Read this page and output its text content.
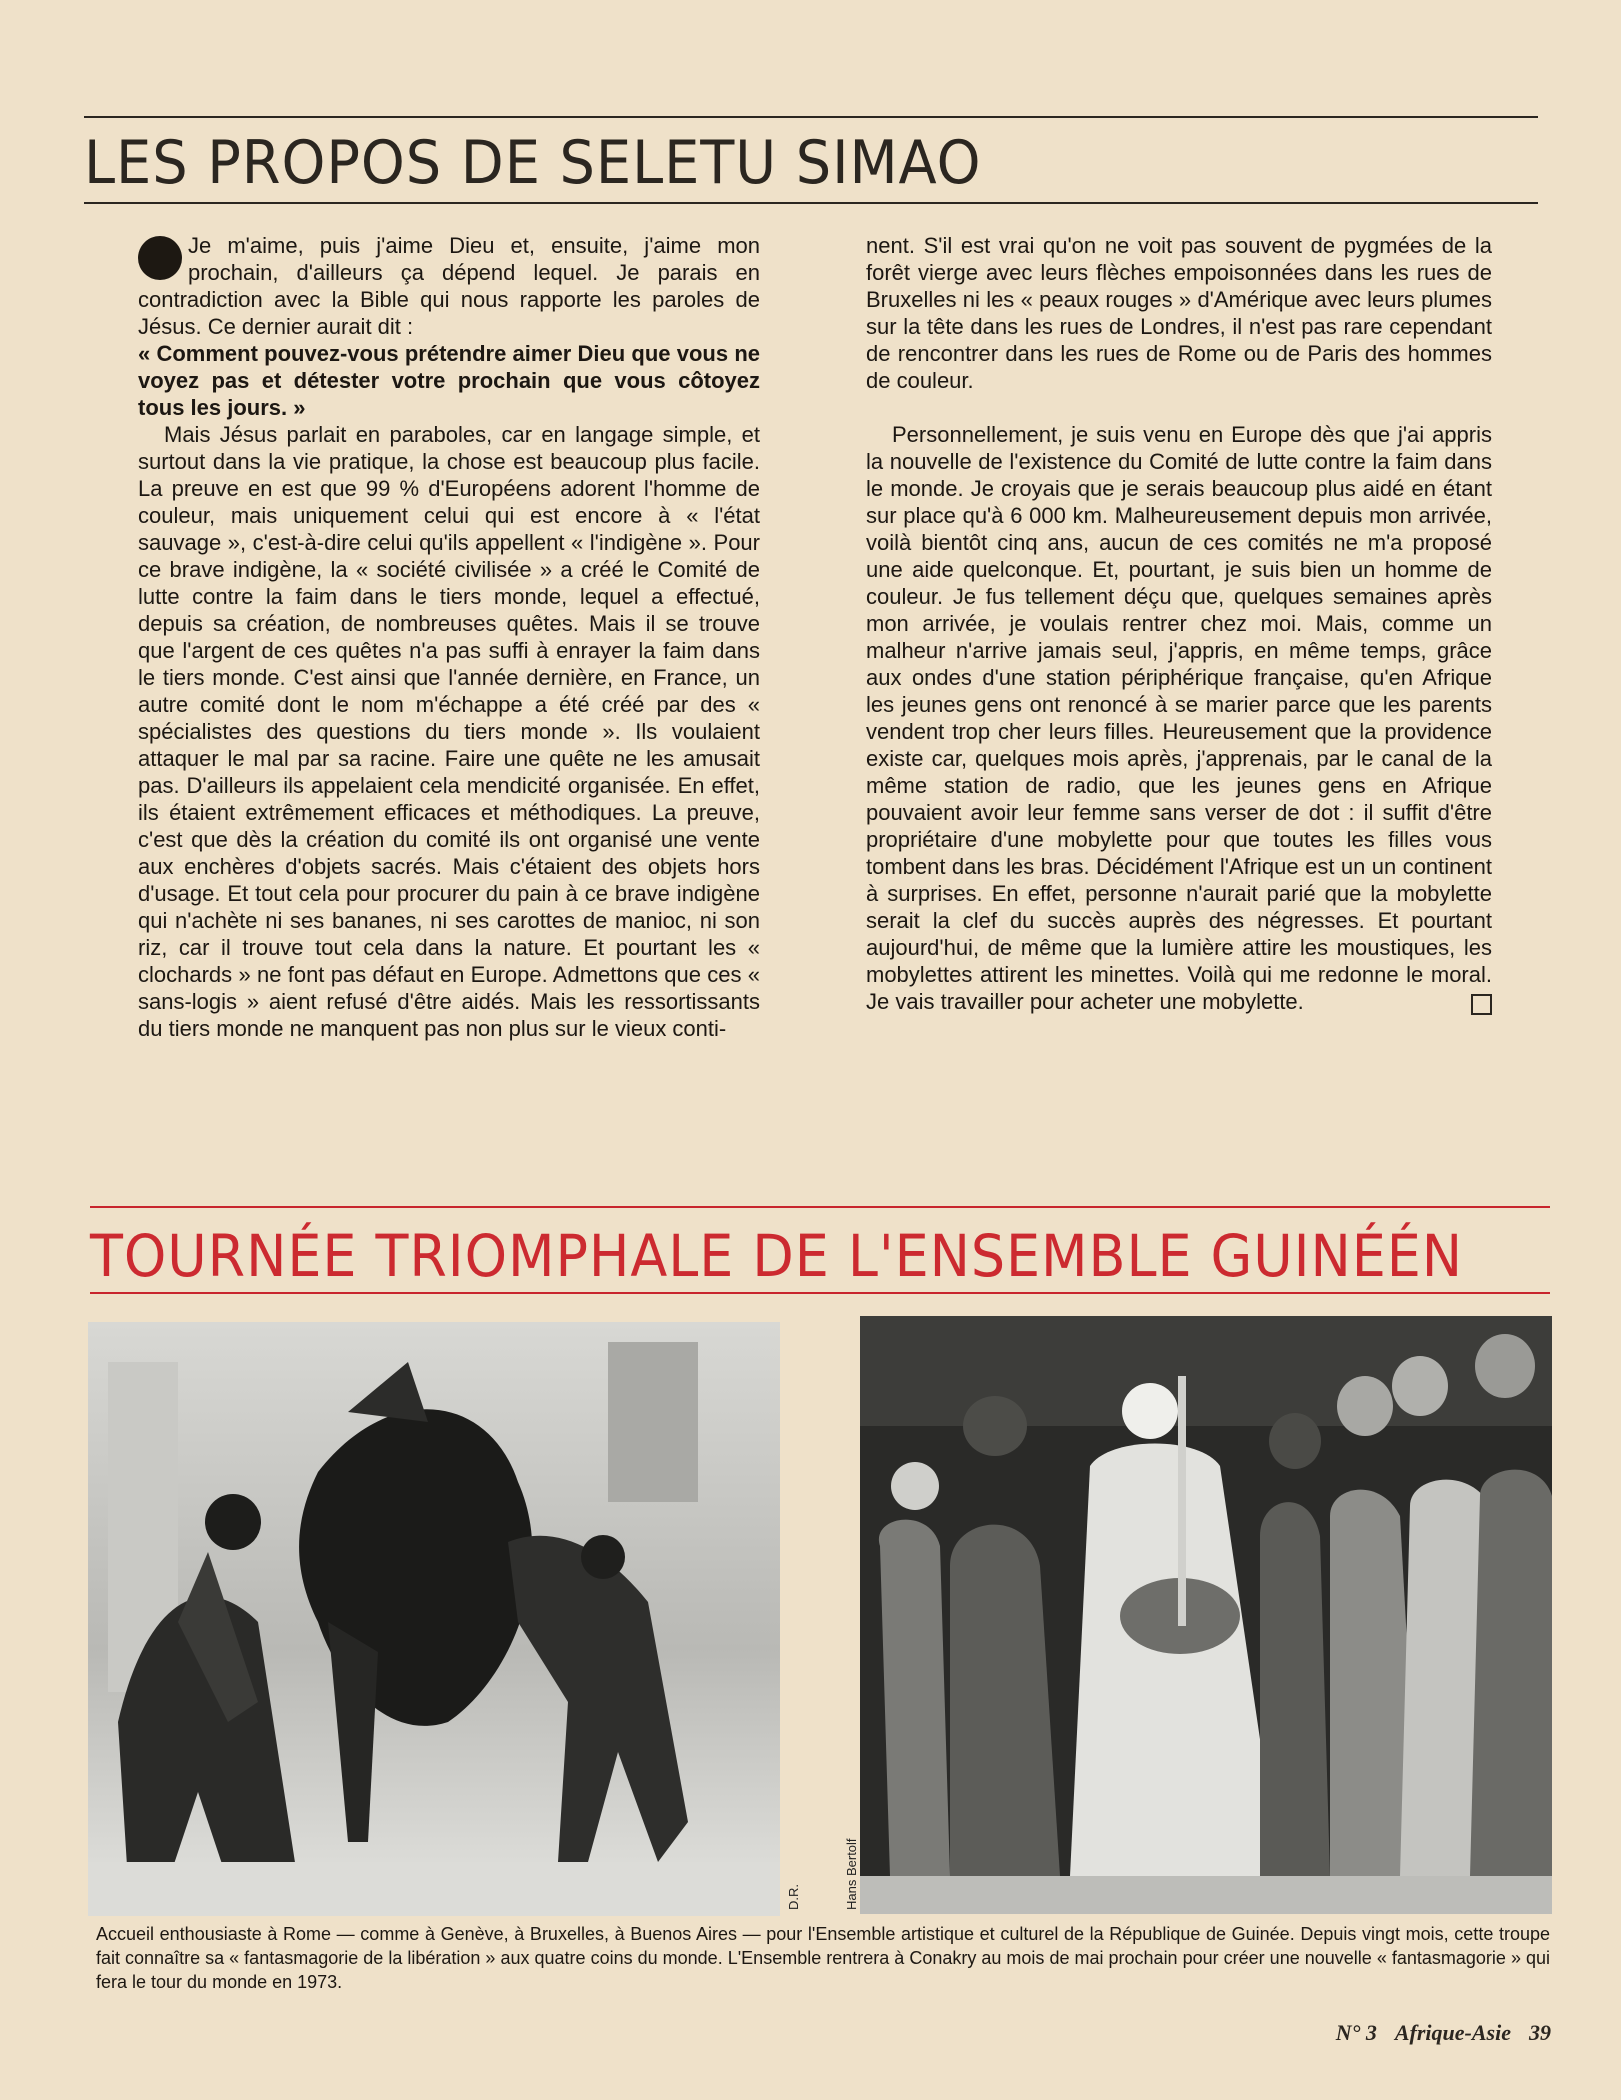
LES PROPOS DE SELETU SIMAO

Je m'aime, puis j'aime Dieu et, ensuite, j'aime mon prochain, d'ailleurs ça dépend lequel. Je parais en contradiction avec la Bible qui nous rapporte les paroles de Jésus. Ce dernier aurait dit :

« Comment pouvez-vous prétendre aimer Dieu que vous ne voyez pas et détester votre prochain que vous côtoyez tous les jours. »

Mais Jésus parlait en paraboles, car en langage simple, et surtout dans la vie pratique, la chose est beaucoup plus facile. La preuve en est que 99 % d'Européens adorent l'homme de couleur, mais uniquement celui qui est encore à « l'état sauvage », c'est-à-dire celui qu'ils appellent « l'indigène ». Pour ce brave indigène, la « société civilisée » a créé le Comité de lutte contre la faim dans le tiers monde, lequel a effectué, depuis sa création, de nombreuses quêtes. Mais il se trouve que l'argent de ces quêtes n'a pas suffi à enrayer la faim dans le tiers monde. C'est ainsi que l'année dernière, en France, un autre comité dont le nom m'échappe a été créé par des « spécialistes des questions du tiers monde ». Ils voulaient attaquer le mal par sa racine. Faire une quête ne les amusait pas. D'ailleurs ils appelaient cela mendicité organisée. En effet, ils étaient extrêmement efficaces et méthodiques. La preuve, c'est que dès la création du comité ils ont organisé une vente aux enchères d'objets sacrés. Mais c'étaient des objets hors d'usage. Et tout cela pour procurer du pain à ce brave indigène qui n'achète ni ses bananes, ni ses carottes de manioc, ni son riz, car il trouve tout cela dans la nature. Et pourtant les « clochards » ne font pas défaut en Europe. Admettons que ces « sans-logis » aient refusé d'être aidés. Mais les ressortissants du tiers monde ne manquent pas non plus sur le vieux conti-

nent. S'il est vrai qu'on ne voit pas souvent de pygmées de la forêt vierge avec leurs flèches empoisonnées dans les rues de Bruxelles ni les « peaux rouges » d'Amérique avec leurs plumes sur la tête dans les rues de Londres, il n'est pas rare cependant de rencontrer dans les rues de Rome ou de Paris des hommes de couleur.

Personnellement, je suis venu en Europe dès que j'ai appris la nouvelle de l'existence du Comité de lutte contre la faim dans le monde. Je croyais que je serais beaucoup plus aidé en étant sur place qu'à 6 000 km. Malheureusement depuis mon arrivée, voilà bientôt cinq ans, aucun de ces comités ne m'a proposé une aide quelconque. Et, pourtant, je suis bien un homme de couleur. Je fus tellement déçu que, quelques semaines après mon arrivée, je voulais rentrer chez moi. Mais, comme un malheur n'arrive jamais seul, j'appris, en même temps, grâce aux ondes d'une station périphérique française, qu'en Afrique les jeunes gens ont renoncé à se marier parce que les parents vendent trop cher leurs filles. Heureusement que la providence existe car, quelques mois après, j'apprenais, par le canal de la même station de radio, que les jeunes gens en Afrique pouvaient avoir leur femme sans verser de dot : il suffit d'être propriétaire d'une mobylette pour que toutes les filles vous tombent dans les bras. Décidément l'Afrique est un un continent à surprises. En effet, personne n'aurait parié que la mobylette serait la clef du succès auprès des négresses. Et pourtant aujourd'hui, de même que la lumière attire les moustiques, les mobylettes attirent les minettes. Voilà qui me redonne le moral. Je vais travailler pour acheter une mobylette.

TOURNÉE TRIOMPHALE DE L'ENSEMBLE GUINÉÉN
D.R.	Hans Bertolf

Accueil enthousiaste à Rome — comme à Genève, à Bruxelles, à Buenos Aires — pour l'Ensemble artistique et culturel de la République de Guinée. Depuis vingt mois, cette troupe fait connaître sa « fantasmagorie de la libération » aux quatre coins du monde. L'Ensemble rentrera à Conakry au mois de mai prochain pour créer une nouvelle « fantasmagorie » qui fera le tour du monde en 1973.

N° 3 Afrique-Asie 39
